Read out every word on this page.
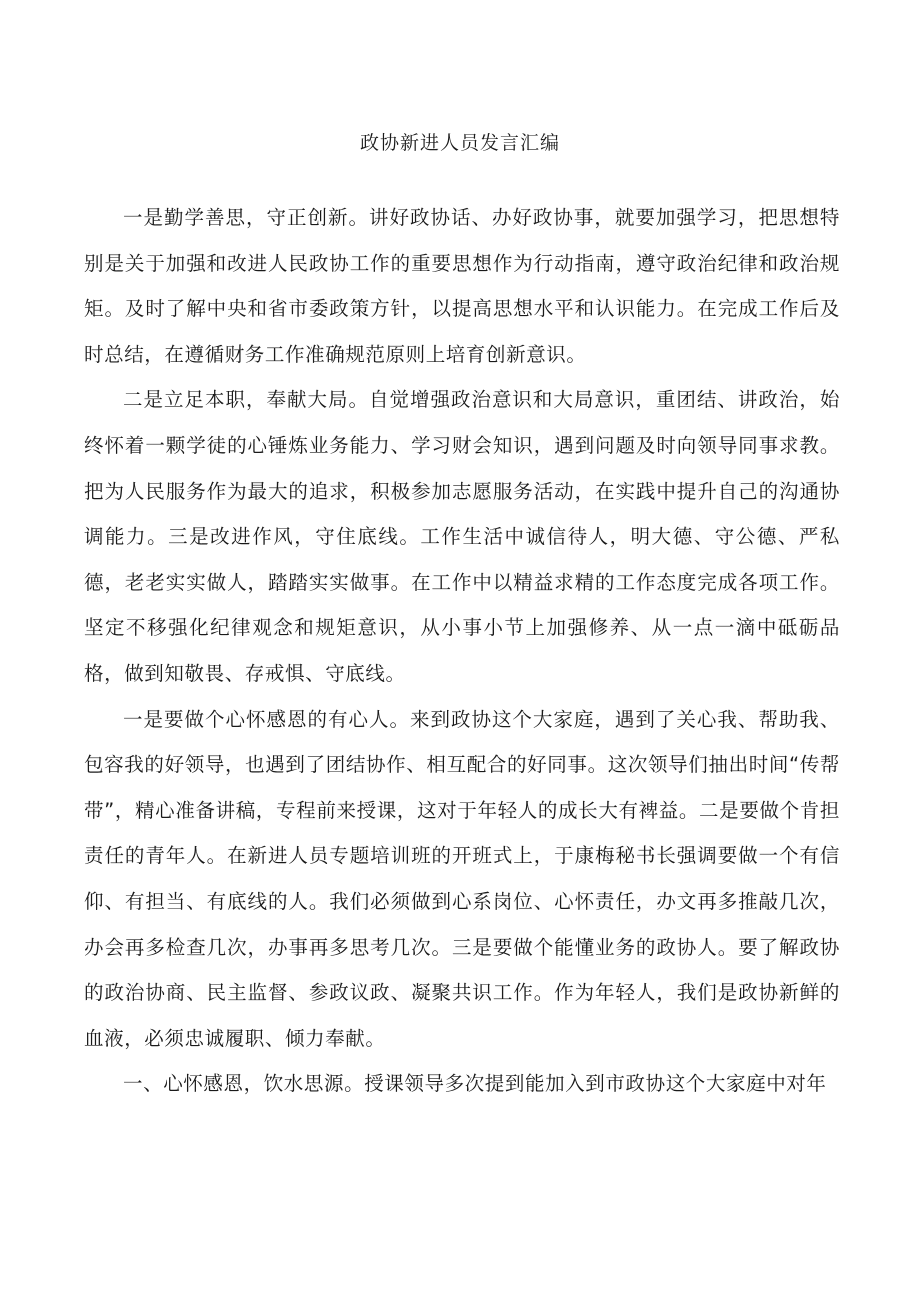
政协新进人员发言汇编

一是勤学善思，守正创新。讲好政协话、办好政协事，就要加强学习，把思想特别是关于加强和改进人民政协工作的重要思想作为行动指南，遵守政治纪律和政治规矩。及时了解中央和省市委政策方针，以提高思想水平和认识能力。在完成工作后及时总结，在遵循财务工作准确规范原则上培育创新意识。

二是立足本职，奉献大局。自觉增强政治意识和大局意识，重团结、讲政治，始终怀着一颗学徒的心锤炼业务能力、学习财会知识，遇到问题及时向领导同事求教。把为人民服务作为最大的追求，积极参加志愿服务活动，在实践中提升自己的沟通协调能力。三是改进作风，守住底线。工作生活中诚信待人，明大德、守公德、严私德，老老实实做人，踏踏实实做事。在工作中以精益求精的工作态度完成各项工作。坚定不移强化纪律观念和规矩意识，从小事小节上加强修养、从一点一滴中砥砺品格，做到知敬畏、存戒惧、守底线。

一是要做个心怀感恩的有心人。来到政协这个大家庭，遇到了关心我、帮助我、包容我的好领导，也遇到了团结协作、相互配合的好同事。这次领导们抽出时间“传帮带”，精心准备讲稿，专程前来授课，这对于年轻人的成长大有裨益。二是要做个肯担责任的青年人。在新进人员专题培训班的开班式上，于康梅秘书长强调要做一个有信仰、有担当、有底线的人。我们必须做到心系岗位、心怀责任，办文再多推敲几次，办会再多检查几次，办事再多思考几次。三是要做个能懂业务的政协人。要了解政协的政治协商、民主监督、参政议政、凝聚共识工作。作为年轻人，我们是政协新鲜的血液，必须忠诚履职、倾力奉献。

一、心怀感恩，饮水思源。授课领导多次提到能加入到市政协这个大家庭中对年
